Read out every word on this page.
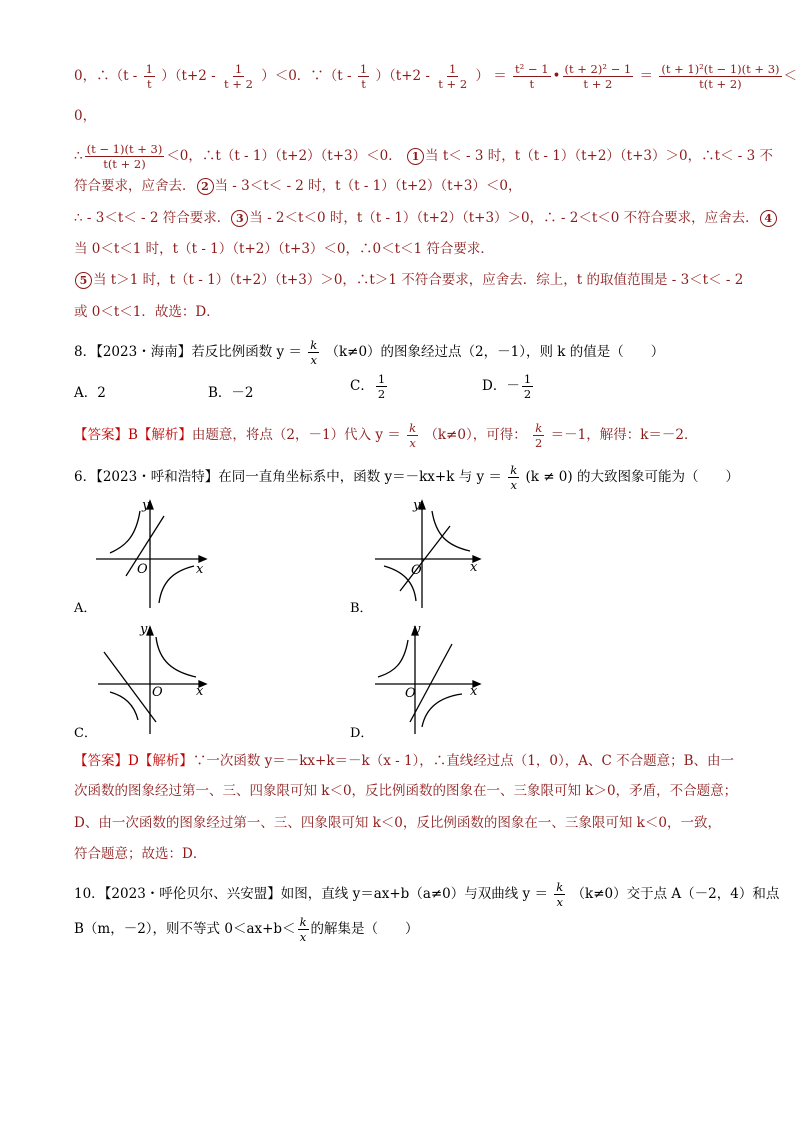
0，∴（t - $\frac{1}{t} )(t+2 - \frac{1}{t + 2} )<0$．∵（t - $\frac{1}{t} )(t+2 - \frac{1}{t + 2}$ ） ＝ $\frac{\text{t² − 1}}{t}$ • $\frac{\text{(t + 2)² − 1}}{t + 2} = \frac{\text{(t + 1)²(t − 1)(t + 3)}}{t(t + 2)}$ ＜
0，
∴ $\frac{(t - 1)(t + 3)}{t(t + 2)} <0$，∴t（t - 1）（t+2）（t+3）＜0． 1 当 t＜ - 3 时，t（t - 1）（t+2）（t+3）＞0，∴t＜ - 3 不
符合要求，应舍去． 2 当 - 3＜t＜ - 2 时，t（t - 1）（t+2）（t+3）＜0，
∴ - 3＜t＜ - 2 符合要求． 3 当 - 2＜t＜0 时，t（t - 1）（t+2）（t+3）＞0，∴ - 2＜t＜0 不符合要求，应舍去． 4
当 0＜t＜1 时，t（t - 1）（t+2）（t+3）＜0，∴0＜t＜1 符合要求．
5 当 t＞1 时，t（t - 1）（t+2）（t+3）＞0，∴t＞1 不符合要求，应舍去．综上，t 的取值范围是 - 3＜t＜ - 2
或 0＜t＜1．故选：D．
8．【2023・海南】若反比例函数 $y = \frac{k}{x} (k\ne 0)$的图象经过点（2，－1），则 k 的值是（　　）
A．2	B．－2	C． $\frac{1}{2}$	D．－ $\frac{1}{2}$
【答案】B【解析】由题意，将点（2，－1）代入 $y = \frac{k}{x} (k\ne 0)$，可得： $\frac{k}{2} =-1$，解得：k＝－2．
6．【2023・呼和浩特】在同一直角坐标系中，函数 y＝－kx+k 与 $y = \frac{k}{x} (k \ne 0)$ 的大致图象可能为（　　）
y
x
O
A．
y
x
O
B．
y
x
O
C．
y
x
O
D．
【答案】D【解析】∵一次函数 y＝－kx+k＝－k（x - 1），∴直线经过点（1，0），A、C 不合题意；B、由一
次函数的图象经过第一、三、四象限可知 k＜0，反比例函数的图象在一、三象限可知 k＞0，矛盾，不合题意；
D、由一次函数的图象经过第一、三、四象限可知 k＜0，反比例函数的图象在一、三象限可知 k＜0，一致，
符合题意；故选：D．
10．【2023・呼伦贝尔、兴安盟】如图，直线 y＝ax+b（a≠0）与双曲线 $y = \frac{k}{x} (k\ne 0)$交于点 A（－2，4）和点
B（m，－2），则不等式 $0<ax+b< \frac{k}{x}$ 的解集是（　　）
